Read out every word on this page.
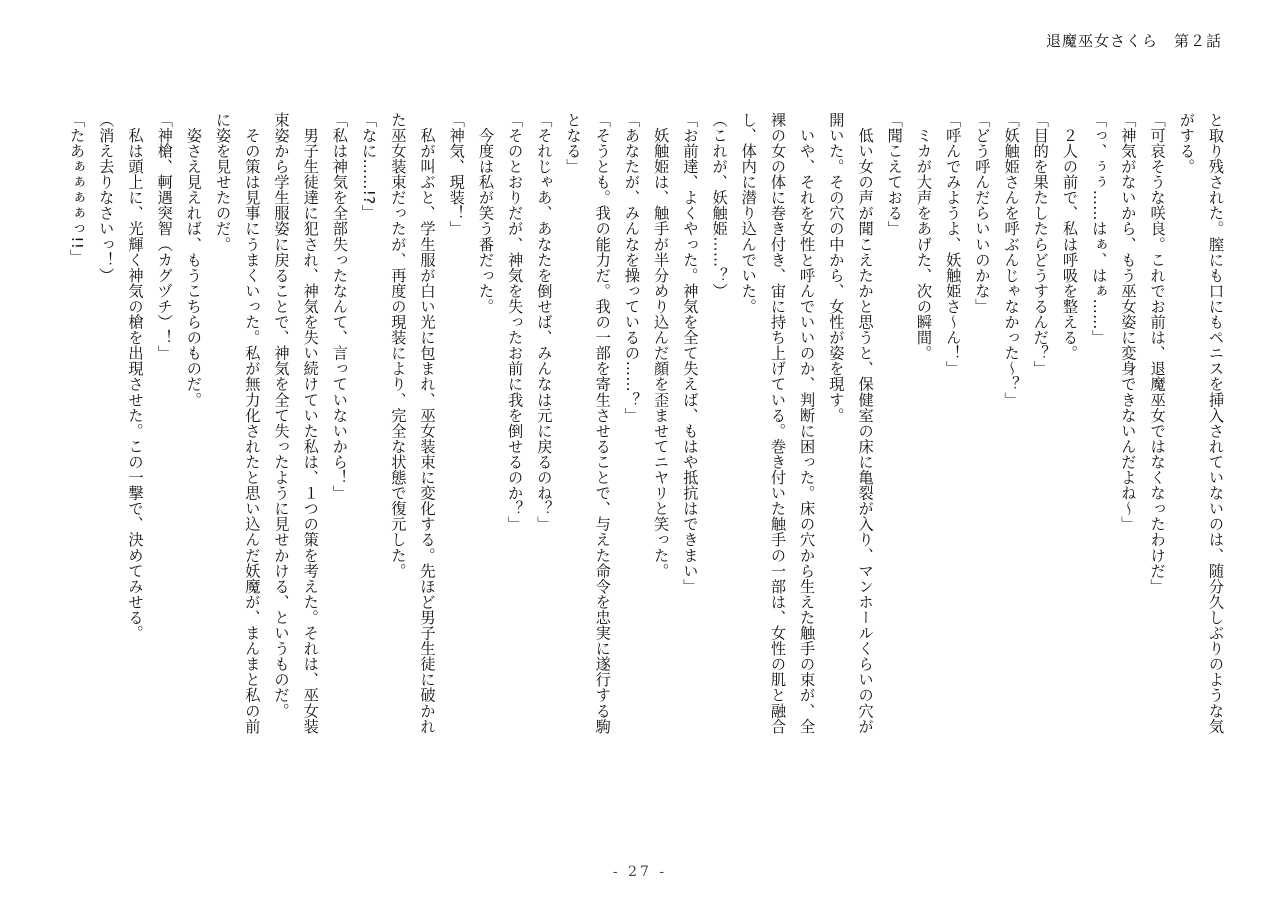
退魔巫女さくら　第２話
と取り残された。膣にも口にもペニスを挿入されていないのは、随分久しぶりのような気
がする。
「可哀そうな咲良。これでお前は、退魔巫女ではなくなったわけだ」
「神気がないから、もう巫女姿に変身できないんだよね～」
「っ、ぅぅ……はぁ、はぁ……」
　２人の前で、私は呼吸を整える。
「目的を果たしたらどうするんだ？」
「妖触姫さんを呼ぶんじゃなかった～？」
「どう呼んだらいいのかな」
「呼んでみようよ、妖触姫さ～ん！」
　ミカが大声をあげた、次の瞬間。
「聞こえておる」
　低い女の声が聞こえたかと思うと、保健室の床に亀裂が入り、マンホールくらいの穴が
開いた。その穴の中から、女性が姿を現す。
　いや、それを女性と呼んでいいのか、判断に困った。床の穴から生えた触手の束が、全
裸の女の体に巻き付き、宙に持ち上げている。巻き付いた触手の一部は、女性の肌と融合
し、体内に潜り込んでいた。
（これが、妖触姫……？）
「お前達、よくやった。神気を全て失えば、もはや抵抗はできまい」
　妖触姫は、触手が半分めり込んだ顔を歪ませてニヤリと笑った。
「あなたが、みんなを操っているの……？」
「そうとも。我の能力だ。我の一部を寄生させることで、与えた命令を忠実に遂行する駒
となる」
「それじゃあ、あなたを倒せば、みんなは元に戻るのね？」
「そのとおりだが、神気を失ったお前に我を倒せるのか？」
　今度は私が笑う番だった。
「神気、現装！」
　私が叫ぶと、学生服が白い光に包まれ、巫女装束に変化する。先ほど男子生徒に破かれ
た巫女装束だったが、再度の現装により、完全な状態で復元した。
「なに……!?」
「私は神気を全部失ったなんて、言っていないから！」
　男子生徒達に犯され、神気を失い続けていた私は、１つの策を考えた。それは、巫女装
束姿から学生服姿に戻ることで、神気を全て失ったように見せかける、というものだ。
　その策は見事にうまくいった。私が無力化されたと思い込んだ妖魔が、まんまと私の前
に姿を見せたのだ。
　姿さえ見えれば、もうこちらのものだ。
「神槍、軻遇突智（カグヅチ）！」
　私は頭上に、光輝く神気の槍を出現させた。この一撃で、決めてみせる。
（消え去りなさいっ！）
「たあぁぁぁぁっ!!」
- 27 -
